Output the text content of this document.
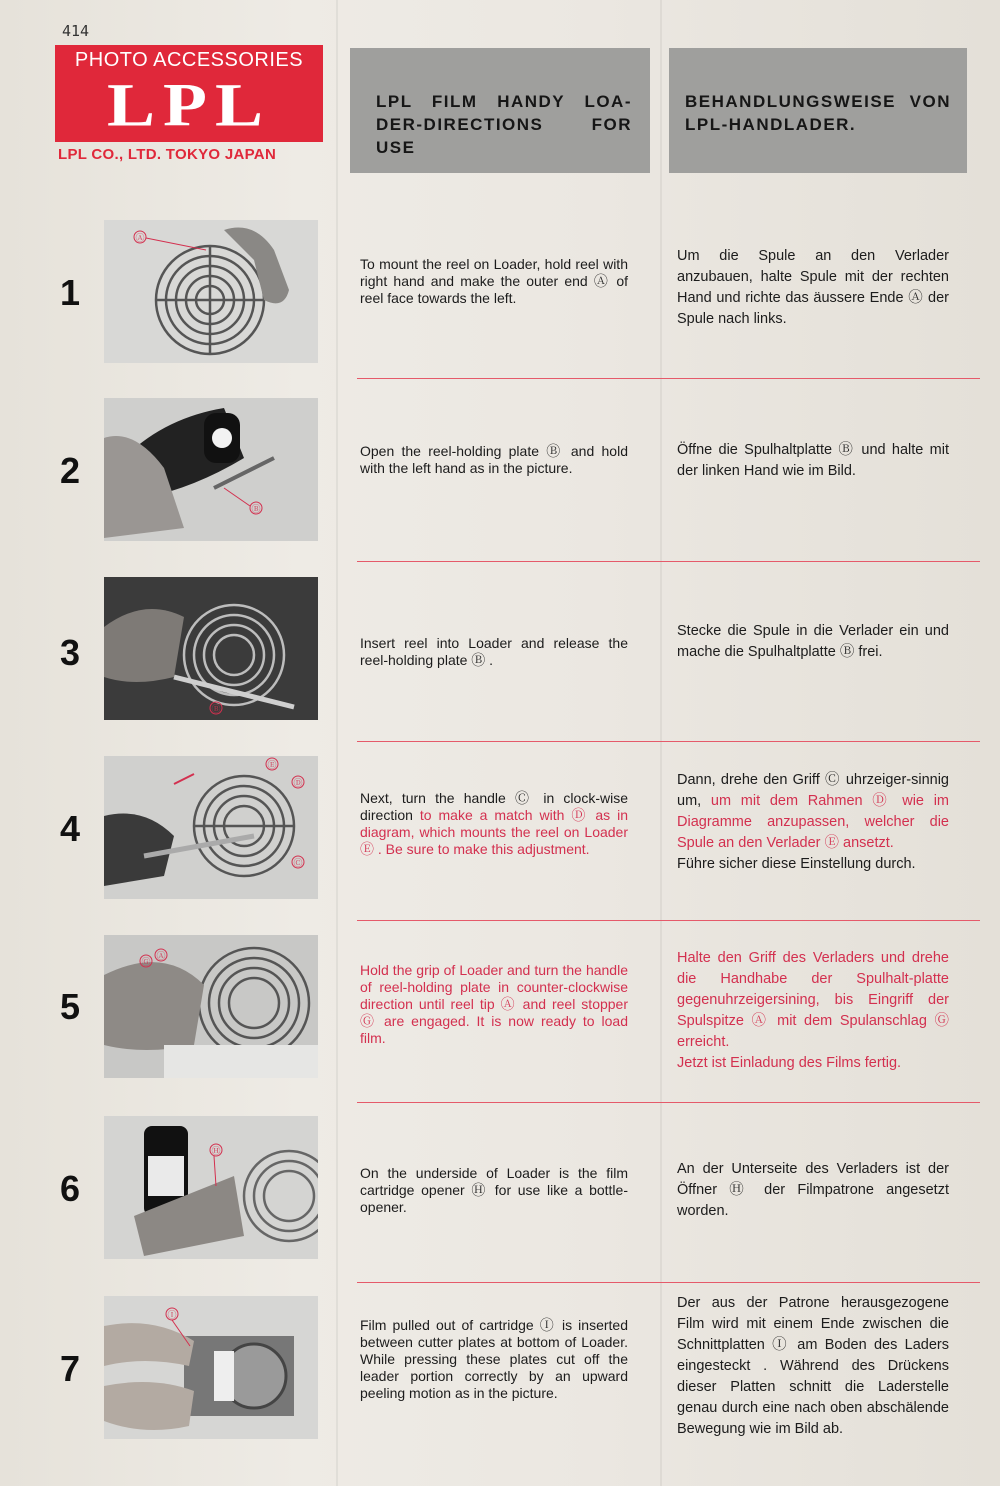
414
PHOTO ACCESSORIES
LPL
LPL CO., LTD. TOKYO JAPAN
LPL FILM HANDY LOA- DER-DIRECTIONS FOR USE
BEHANDLUNGSWEISE VON LPL-HANDLADER.
1
Ⓐ
To mount the reel on Loader, hold reel with right hand and make the outer end Ⓐ of reel face towards the left.
Um die Spule an den Verlader anzubauen, halte Spule mit der rechten Hand und richte das äussere Ende Ⓐ der Spule nach links.
2
Ⓑ
Open the reel-holding plate Ⓑ and hold with the left hand as in the picture.
Öffne die Spulhaltplatte Ⓑ und halte mit der linken Hand wie im Bild.
3
Ⓑ
Insert reel into Loader and release the reel-holding plate Ⓑ .
Stecke die Spule in die Verlader ein und mache die Spulhaltplatte Ⓑ frei.
4
Ⓔ
Ⓓ
Ⓒ
Next, turn the handle Ⓒ in clock-wise direction to make a match with Ⓓ as in diagram, which mounts the reel on Loader Ⓔ . Be sure to make this adjustment.
Dann, drehe den Griff Ⓒ uhrzeiger-sinnig um, um mit dem Rahmen Ⓓ wie im Diagramme anzupassen, welcher die Spule an den Verlader Ⓔ ansetzt.
Führe sicher diese Einstellung durch.
5
Ⓖ
Ⓐ
Hold the grip of Loader and turn the handle of reel-holding plate in counter-clockwise direction until reel tip Ⓐ and reel stopper Ⓖ are engaged. It is now ready to load film.
Halte den Griff des Verladers und drehe die Handhabe der Spulhalt-platte gegenuhrzeigersining, bis Eingriff der Spulspitze Ⓐ mit dem Spulanschlag Ⓖ erreicht.
Jetzt ist Einladung des Films fertig.
6
Ⓗ
On the underside of Loader is the film cartridge opener Ⓗ for use like a bottle-opener.
An der Unterseite des Verladers ist der Öffner Ⓗ der Filmpatrone angesetzt worden.
7
Ⓘ
Film pulled out of cartridge Ⓘ is inserted between cutter plates at bottom of Loader. While pressing these plates cut off the leader portion correctly by an upward peeling motion as in the picture.
Der aus der Patrone herausgezogene Film wird mit einem Ende zwischen die Schnittplatten Ⓘ am Boden des Laders eingesteckt . Während des Drückens dieser Platten schnitt die Laderstelle genau durch eine nach oben abschälende Bewegung wie im Bild ab.
